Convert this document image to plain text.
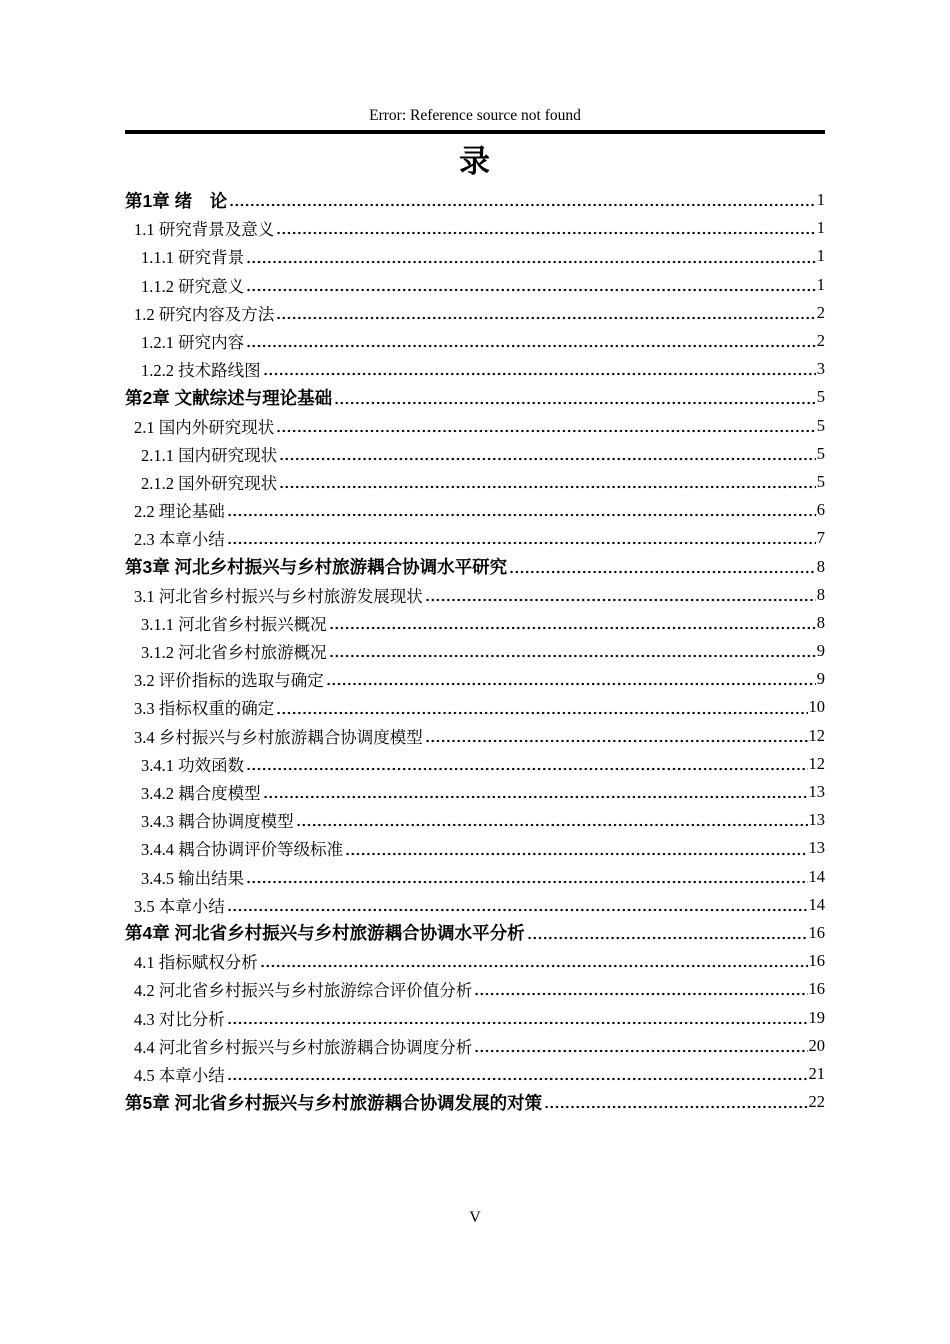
Error: Reference source not found
录
第1章 绪　论	1
1.1 研究背景及意义	1
1.1.1 研究背景	1
1.1.2 研究意义	1
1.2 研究内容及方法	2
1.2.1 研究内容	2
1.2.2 技术路线图	3
第2章 文献综述与理论基础	5
2.1 国内外研究现状	5
2.1.1 国内研究现状	5
2.1.2 国外研究现状	5
2.2 理论基础	6
2.3 本章小结	7
第3章 河北乡村振兴与乡村旅游耦合协调水平研究	8
3.1 河北省乡村振兴与乡村旅游发展现状	8
3.1.1 河北省乡村振兴概况	8
3.1.2 河北省乡村旅游概况	9
3.2 评价指标的选取与确定	9
3.3 指标权重的确定	10
3.4 乡村振兴与乡村旅游耦合协调度模型	12
3.4.1 功效函数	12
3.4.2 耦合度模型	13
3.4.3 耦合协调度模型	13
3.4.4 耦合协调评价等级标准	13
3.4.5 输出结果	14
3.5 本章小结	14
第4章 河北省乡村振兴与乡村旅游耦合协调水平分析	16
4.1 指标赋权分析	16
4.2 河北省乡村振兴与乡村旅游综合评价值分析	16
4.3 对比分析	19
4.4 河北省乡村振兴与乡村旅游耦合协调度分析	20
4.5 本章小结	21
第5章 河北省乡村振兴与乡村旅游耦合协调发展的对策	22
V
